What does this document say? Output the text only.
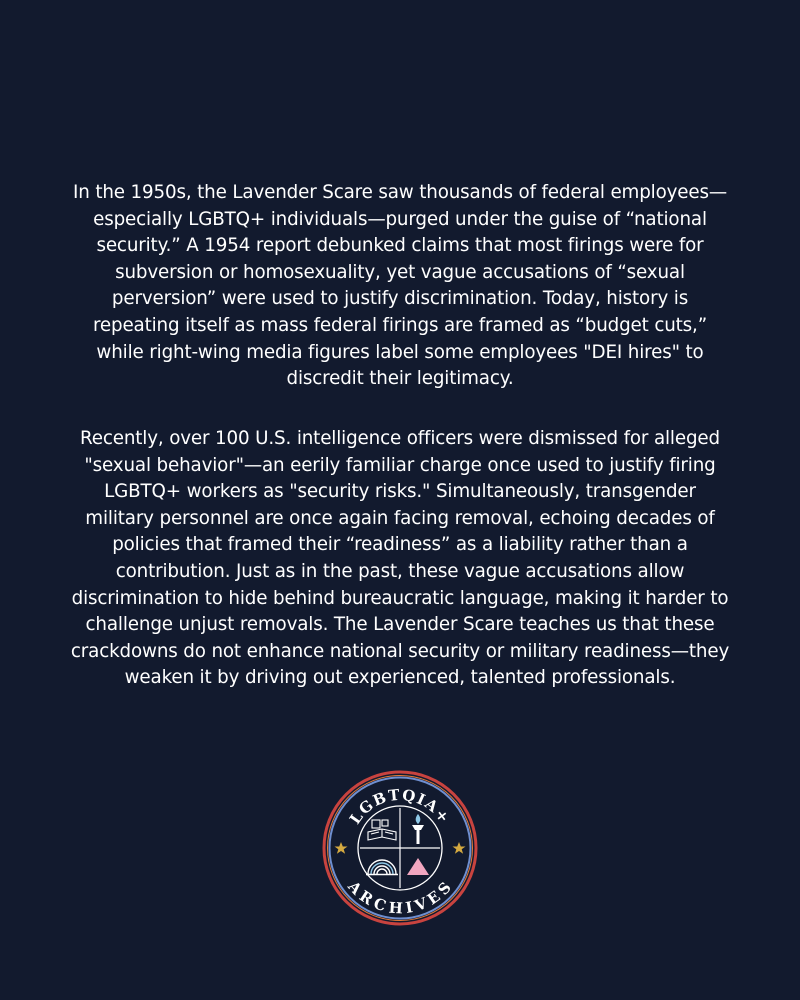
In the 1950s, the Lavender Scare saw thousands of federal employees—especially LGBTQ+ individuals—purged under the guise of “national security.” A 1954 report debunked claims that most firings were for subversion or homosexuality, yet vague accusations of “sexual perversion” were used to justify discrimination. Today, history is repeating itself as mass federal firings are framed as “budget cuts,” while right-wing media figures label some employees "DEI hires" to discredit their legitimacy.

Recently, over 100 U.S. intelligence officers were dismissed for alleged "sexual behavior"—an eerily familiar charge once used to justify firing LGBTQ+ workers as "security risks." Simultaneously, transgender military personnel are once again facing removal, echoing decades of policies that framed their “readiness” as a liability rather than a contribution. Just as in the past, these vague accusations allow discrimination to hide behind bureaucratic language, making it harder to challenge unjust removals. The Lavender Scare teaches us that these crackdowns do not enhance national security or military readiness—they weaken it by driving out experienced, talented professionals.

LGBTQIA+
ARCHIVES
